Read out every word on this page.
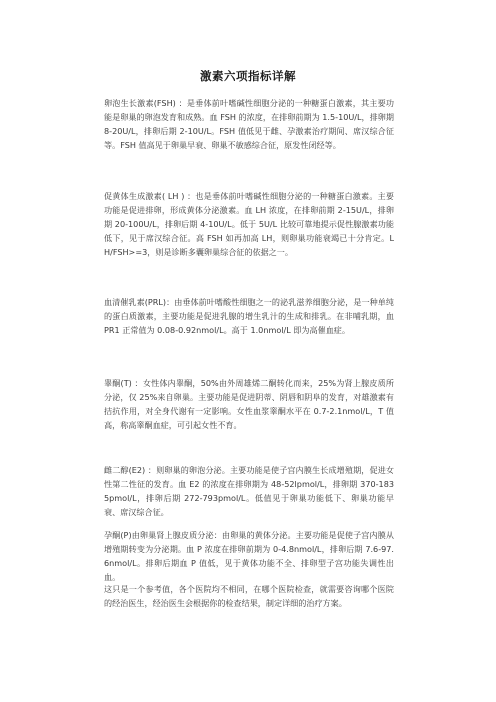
激素六项指标详解

卵泡生长激素(FSH) ：是垂体前叶嗜碱性细胞分泌的一种糖蛋白激素，其主要功能是卵巢的卵泡发育和成熟。血 FSH 的浓度，在排卵前期为 1.5-10U/L，排卵期 8-20U/L，排卵后期 2-10U/L。FSH 值低见于雌、孕激素治疗期间、席汉综合征等。FSH 值高见于卵巢早衰、卵巢不敏感综合征，原发性闭经等。

促黄体生成激素( LH ) ：也是垂体前叶嗜碱性细胞分泌的一种糖蛋白激素。主要功能是促进排卵，形成黄体分泌激素。血 LH 浓度，在排卵前期 2-15U/L，排卵期 20-100U/L，排卵后期 4-10U/L。低于 5U/L 比较可靠地提示促性腺激素功能低下，见于席汉综合征。高 FSH 如再加高 LH，则卵巢功能衰竭已十分肯定。LH/FSH>=3，则是诊断多囊卵巢综合征的依据之一。

血清催乳素(PRL)：由垂体前叶嗜酸性细胞之一的泌乳滋养细胞分泌，是一种单纯的蛋白质激素，主要功能是促进乳腺的增生乳汁的生成和排乳。在非哺乳期，血 PR1 正常值为 0.08-0.92nmol/L。高于 1.0nmol/L 即为高催血症。

睾酮(T) ：女性体内睾酮，50%由外周雄烯二酮转化而来，25%为肾上腺皮质所分泌，仅 25%来自卵巢。主要功能是促进阴蒂、阴唇和阴阜的发育，对雄激素有拮抗作用，对全身代谢有一定影响。女性血浆睾酮水平在 0.7-2.1nmol/L，T 值高，称高睾酮血症，可引起女性不育。

雌二醇(E2) ：则卵巢的卵泡分泌。主要功能是使子宫内膜生长成增殖期，促进女性第二性征的发育。血 E2 的浓度在排卵期为 48-52lpmol/L，排卵期 370-1835pmol/L，排卵后期 272-793pmol/L。低值见于卵巢功能低下、卵巢功能早衰、席汉综合征。

孕酮(P)由卵巢肾上腺皮质分泌：由卵巢的黄体分泌。主要功能是促使子宫内膜从增殖期转变为分泌期。血 P 浓度在排卵前期为 0-4.8nmol/L，排卵后期 7.6-97.6nmol/L。排卵后期血 P 值低，见于黄体功能不全、排卵型子宫功能失调性出血。

这只是一个参考值，各个医院均不相同，在哪个医院检查，就需要咨询哪个医院的经治医生，经治医生会根据你的检查结果，制定详细的治疗方案。
